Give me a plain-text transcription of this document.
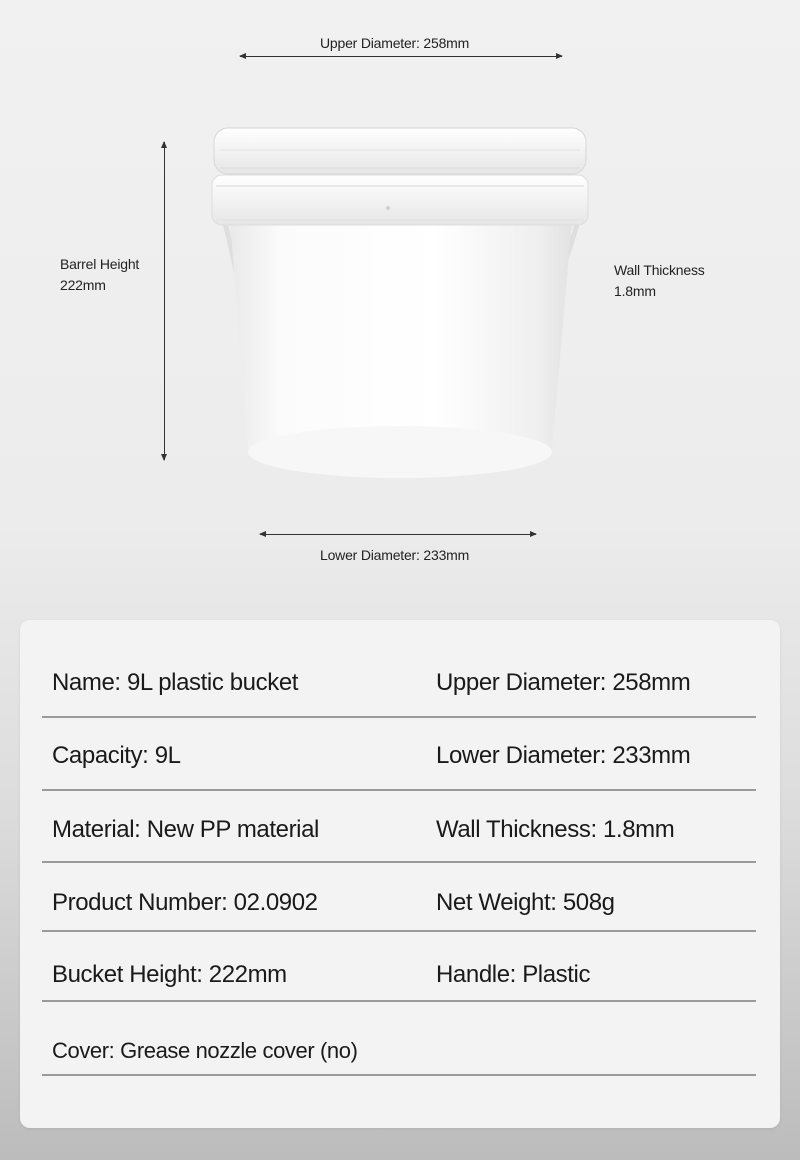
Upper Diameter: 258mm
Barrel Height
222mm
Wall Thickness
1.8mm
Lower Diameter: 233mm
Name: 9L plastic bucket	Upper Diameter: 258mm
Capacity: 9L	Lower Diameter: 233mm
Material: New PP material	Wall Thickness: 1.8mm
Product Number: 02.0902	Net Weight: 508g
Bucket Height: 222mm	Handle: Plastic
Cover: Grease nozzle cover (no)
